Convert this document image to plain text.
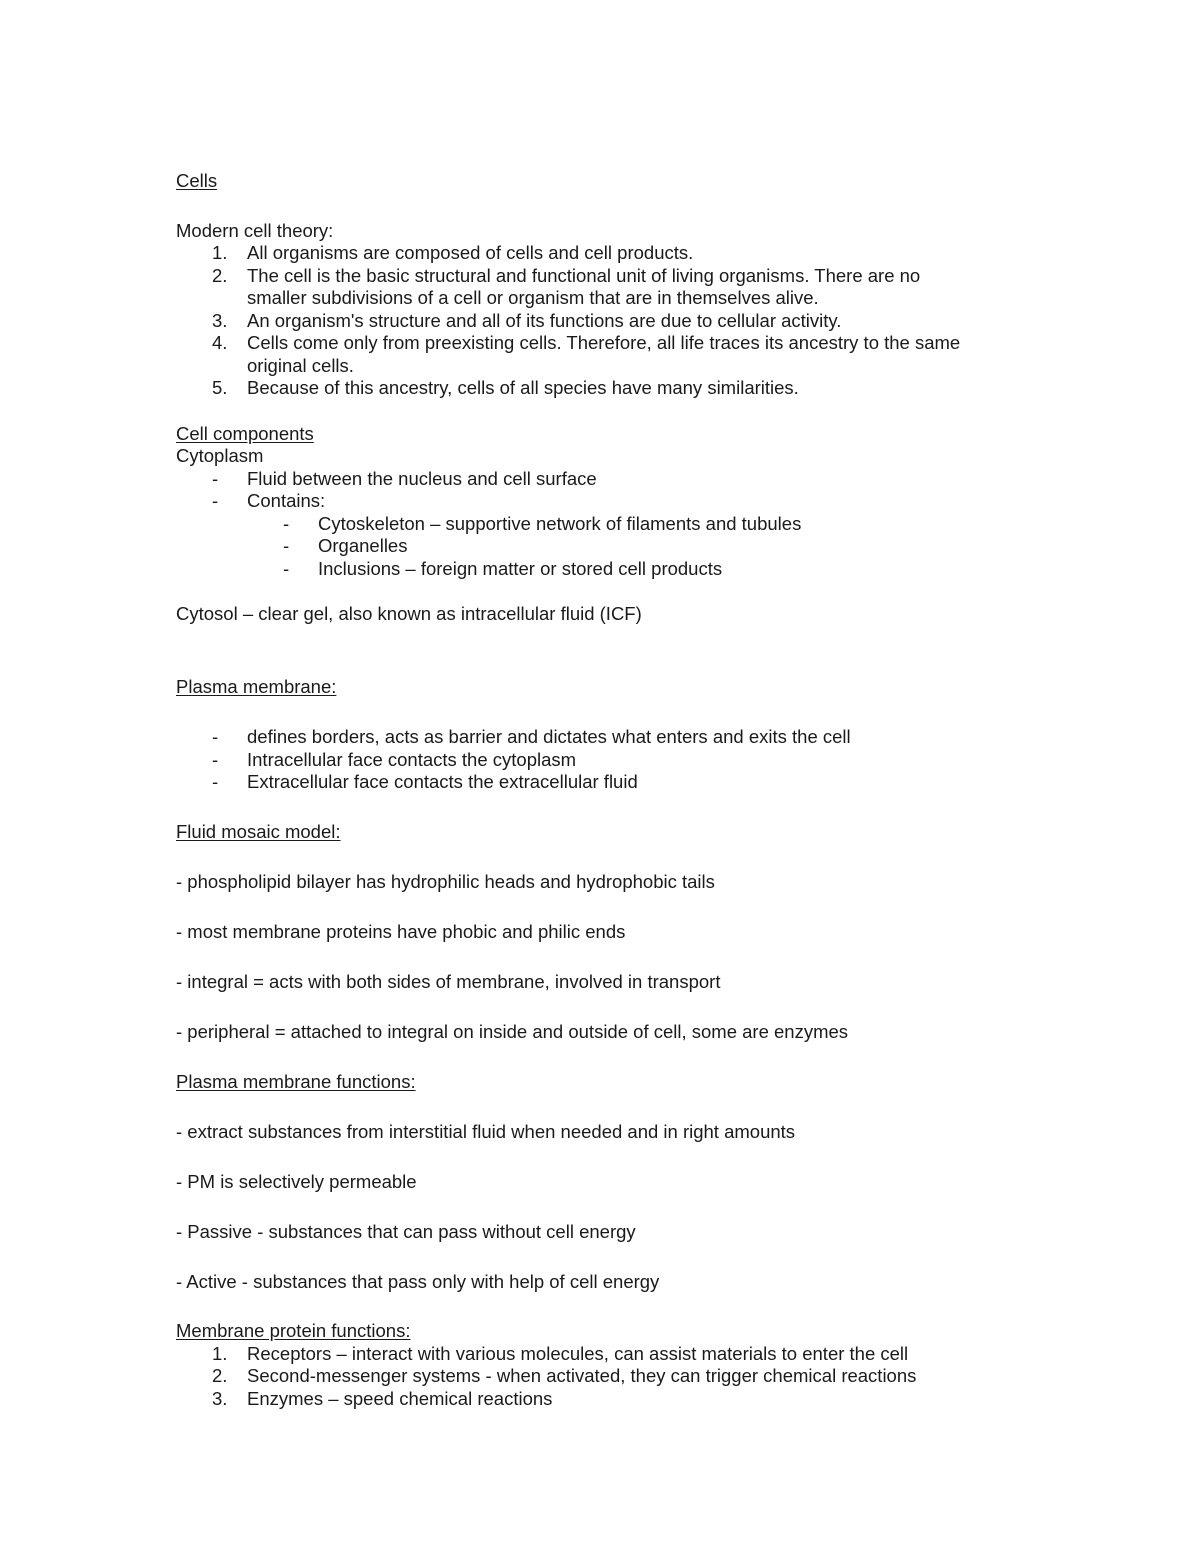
Cells
Modern cell theory:
1. All organisms are composed of cells and cell products.
2. The cell is the basic structural and functional unit of living organisms. There are no
smaller subdivisions of a cell or organism that are in themselves alive.
3. An organism's structure and all of its functions are due to cellular activity.
4. Cells come only from preexisting cells. Therefore, all life traces its ancestry to the same
original cells.
5. Because of this ancestry, cells of all species have many similarities.
Cell components
Cytoplasm
- Fluid between the nucleus and cell surface
- Contains:
- Cytoskeleton – supportive network of filaments and tubules
- Organelles
- Inclusions – foreign matter or stored cell products
Cytosol – clear gel, also known as intracellular fluid (ICF)
Plasma membrane:
- defines borders, acts as barrier and dictates what enters and exits the cell
- Intracellular face contacts the cytoplasm
- Extracellular face contacts the extracellular fluid
Fluid mosaic model:
- phospholipid bilayer has hydrophilic heads and hydrophobic tails
- most membrane proteins have phobic and philic ends
- integral = acts with both sides of membrane, involved in transport
- peripheral = attached to integral on inside and outside of cell, some are enzymes
Plasma membrane functions:
- extract substances from interstitial fluid when needed and in right amounts
- PM is selectively permeable
- Passive - substances that can pass without cell energy
- Active - substances that pass only with help of cell energy
Membrane protein functions:
1. Receptors – interact with various molecules, can assist materials to enter the cell
2. Second-messenger systems - when activated, they can trigger chemical reactions
3. Enzymes – speed chemical reactions
